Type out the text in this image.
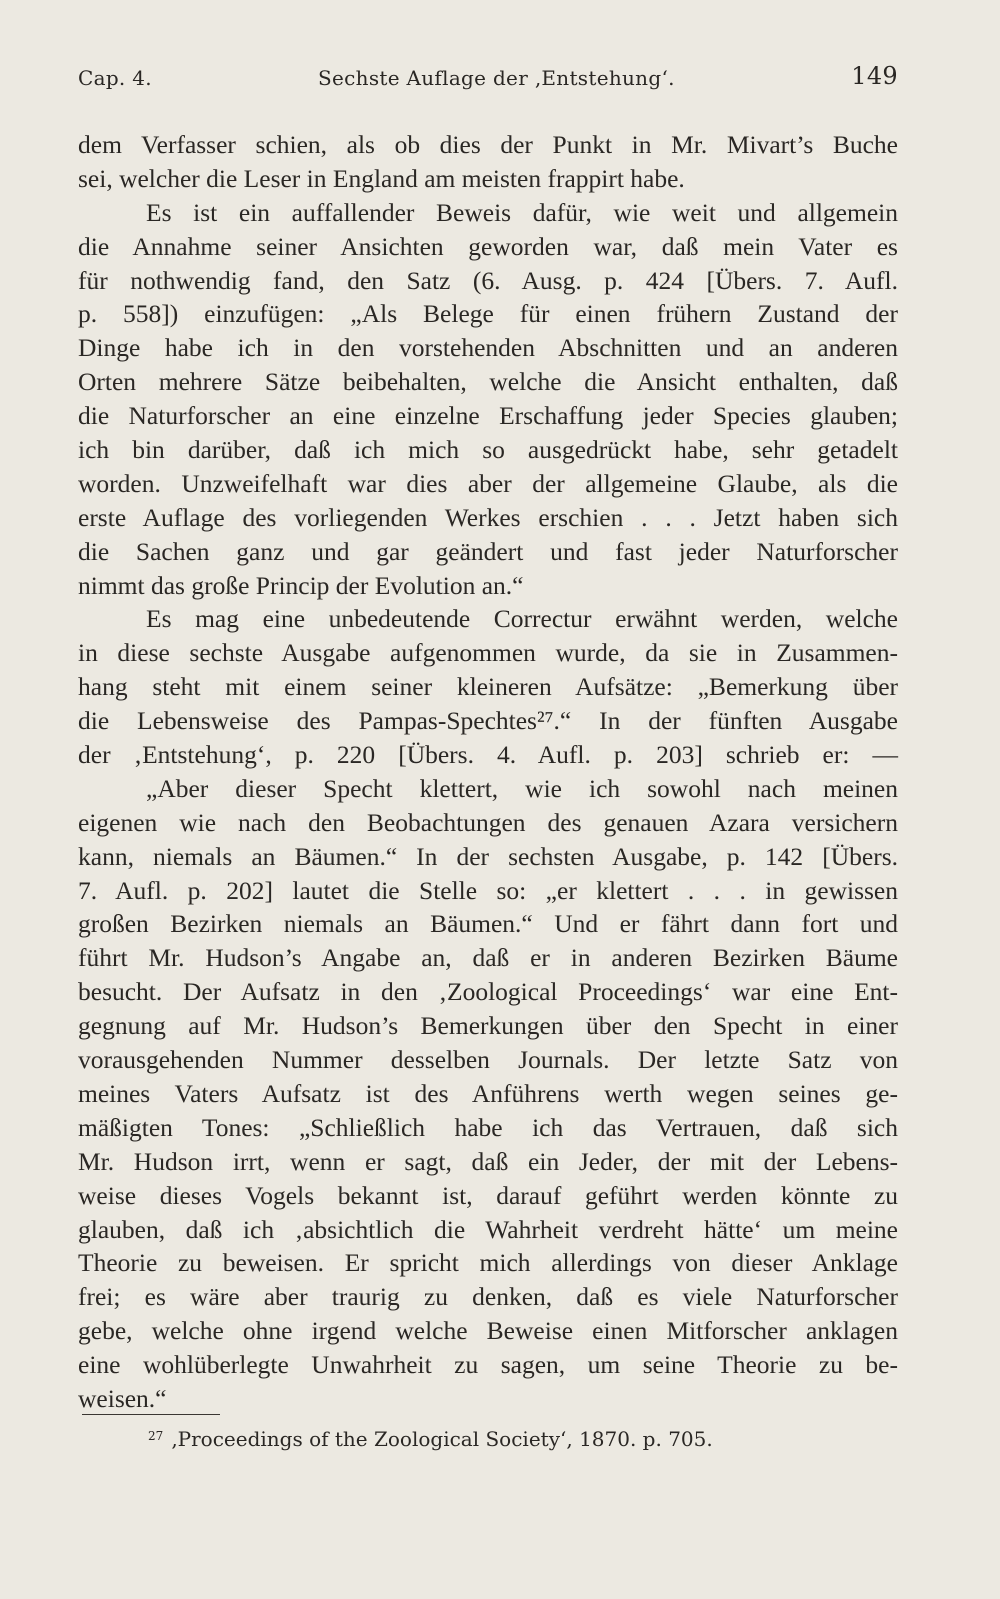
Cap. 4.	Sechste Auflage der ‚Entstehung‘.	149
dem Verfasser schien, als ob dies der Punkt in Mr. Mivart’s Buche
sei, welcher die Leser in England am meisten frappirt habe.
Es ist ein auffallender Beweis dafür, wie weit und allgemein
die Annahme seiner Ansichten geworden war, daß mein Vater es
für nothwendig fand, den Satz (6. Ausg. p. 424 [Übers. 7. Aufl.
p. 558]) einzufügen: „Als Belege für einen frühern Zustand der
Dinge habe ich in den vorstehenden Abschnitten und an anderen
Orten mehrere Sätze beibehalten, welche die Ansicht enthalten, daß
die Naturforscher an eine einzelne Erschaffung jeder Species glauben;
ich bin darüber, daß ich mich so ausgedrückt habe, sehr getadelt
worden. Unzweifelhaft war dies aber der allgemeine Glaube, als die
erste Auflage des vorliegenden Werkes erschien . . . Jetzt haben sich
die Sachen ganz und gar geändert und fast jeder Naturforscher
nimmt das große Princip der Evolution an.“
Es mag eine unbedeutende Correctur erwähnt werden, welche
in diese sechste Ausgabe aufgenommen wurde, da sie in Zusammen-
hang steht mit einem seiner kleineren Aufsätze: „Bemerkung über
die Lebensweise des Pampas-Spechtes²⁷.“ In der fünften Ausgabe
der ‚Entstehung‘, p. 220 [Übers. 4. Aufl. p. 203] schrieb er: —
„Aber dieser Specht klettert, wie ich sowohl nach meinen
eigenen wie nach den Beobachtungen des genauen Azara versichern
kann, niemals an Bäumen.“ In der sechsten Ausgabe, p. 142 [Übers.
7. Aufl. p. 202] lautet die Stelle so: „er klettert . . . in gewissen
großen Bezirken niemals an Bäumen.“ Und er fährt dann fort und
führt Mr. Hudson’s Angabe an, daß er in anderen Bezirken Bäume
besucht. Der Aufsatz in den ‚Zoological Proceedings‘ war eine Ent-
gegnung auf Mr. Hudson’s Bemerkungen über den Specht in einer
vorausgehenden Nummer desselben Journals. Der letzte Satz von
meines Vaters Aufsatz ist des Anführens werth wegen seines ge-
mäßigten Tones: „Schließlich habe ich das Vertrauen, daß sich
Mr. Hudson irrt, wenn er sagt, daß ein Jeder, der mit der Lebens-
weise dieses Vogels bekannt ist, darauf geführt werden könnte zu
glauben, daß ich ‚absichtlich die Wahrheit verdreht hätte‘ um meine
Theorie zu beweisen. Er spricht mich allerdings von dieser Anklage
frei; es wäre aber traurig zu denken, daß es viele Naturforscher
gebe, welche ohne irgend welche Beweise einen Mitforscher anklagen
eine wohlüberlegte Unwahrheit zu sagen, um seine Theorie zu be-
weisen.“
$^{27}$ ‚Proceedings of the Zoological Society‘, 1870. p. 705.
